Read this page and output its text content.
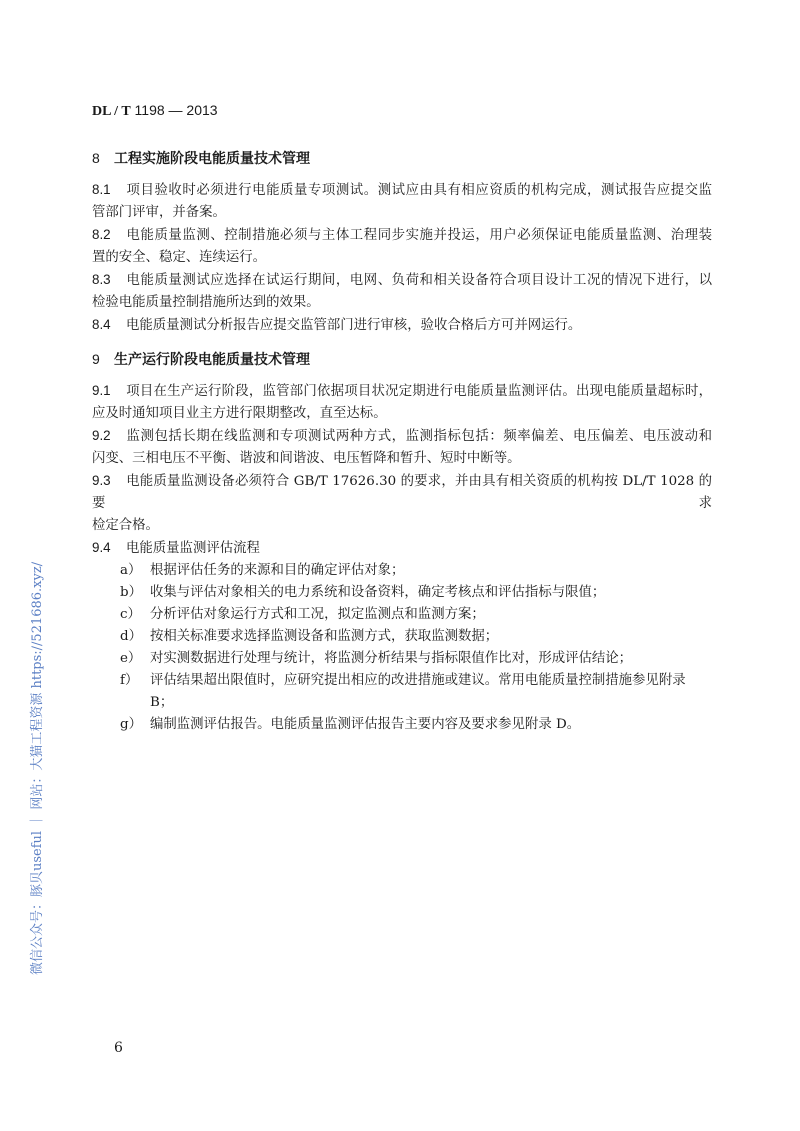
DL / T 1198 — 2013
8 工程实施阶段电能质量技术管理
8.1 项目验收时必须进行电能质量专项测试。测试应由具有相应资质的机构完成，测试报告应提交监
管部门评审，并备案。
8.2 电能质量监测、控制措施必须与主体工程同步实施并投运，用户必须保证电能质量监测、治理装
置的安全、稳定、连续运行。
8.3 电能质量测试应选择在试运行期间，电网、负荷和相关设备符合项目设计工况的情况下进行，以
检验电能质量控制措施所达到的效果。
8.4 电能质量测试分析报告应提交监管部门进行审核，验收合格后方可并网运行。
9 生产运行阶段电能质量技术管理
9.1 项目在生产运行阶段，监管部门依据项目状况定期进行电能质量监测评估。出现电能质量超标时，
应及时通知项目业主方进行限期整改，直至达标。
9.2 监测包括长期在线监测和专项测试两种方式，监测指标包括：频率偏差、电压偏差、电压波动和
闪变、三相电压不平衡、谐波和间谐波、电压暂降和暂升、短时中断等。
9.3 电能质量监测设备必须符合 GB/T 17626.30 的要求，并由具有相关资质的机构按 DL/T 1028 的要求
检定合格。
9.4 电能质量监测评估流程
a） 根据评估任务的来源和目的确定评估对象；
b） 收集与评估对象相关的电力系统和设备资料，确定考核点和评估指标与限值；
c） 分析评估对象运行方式和工况，拟定监测点和监测方案；
d） 按相关标准要求选择监测设备和监测方式，获取监测数据；
e） 对实测数据进行处理与统计，将监测分析结果与指标限值作比对，形成评估结论；
f） 评估结果超出限值时，应研究提出相应的改进措施或建议。常用电能质量控制措施参见附录 B；
g） 编制监测评估报告。电能质量监测评估报告主要内容及要求参见附录 D。
6
微信公众号：豚贝useful ｜ 网站：大猫工程资源 https://521686.xyz/
